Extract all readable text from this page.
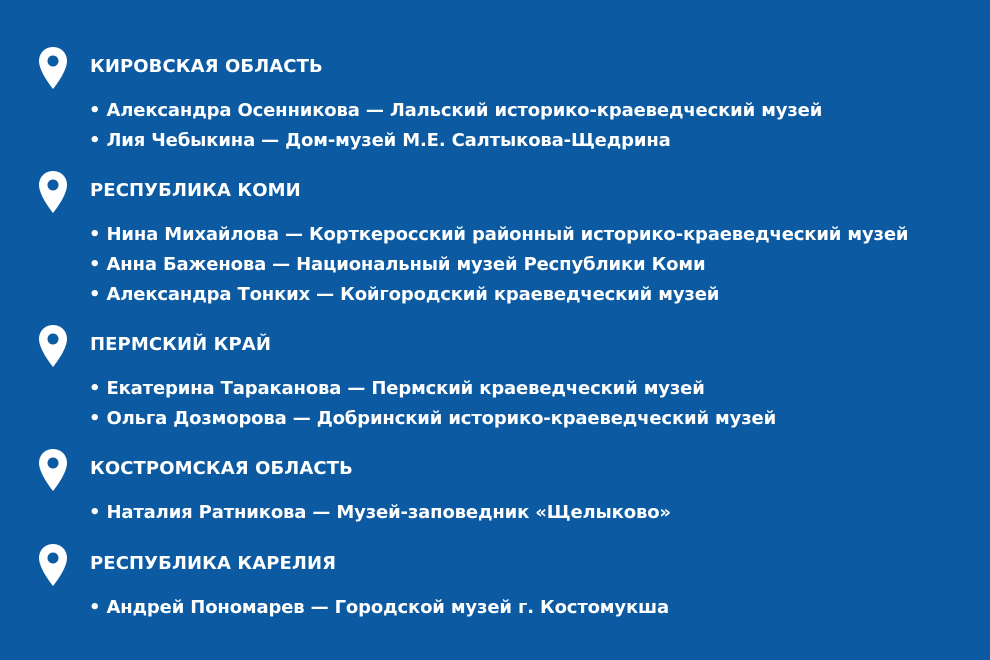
КИРОВСКАЯ ОБЛАСТЬ
• Александра Осенникова — Лальский историко-краеведческий музей
• Лия Чебыкина — Дом-музей М.Е. Салтыкова-Щедрина
РЕСПУБЛИКА КОМИ
• Нина Михайлова — Корткеросский районный историко-краеведческий музей
• Анна Баженова — Национальный музей Республики Коми
• Александра Тонких — Койгородский краеведческий музей
ПЕРМСКИЙ КРАЙ
• Екатерина Тараканова — Пермский краеведческий музей
• Ольга Дозморова — Добринский историко-краеведческий музей
КОСТРОМСКАЯ ОБЛАСТЬ
• Наталия Ратникова — Музей-заповедник «Щелыково»
РЕСПУБЛИКА КАРЕЛИЯ
• Андрей Пономарев — Городской музей г. Костомукша
